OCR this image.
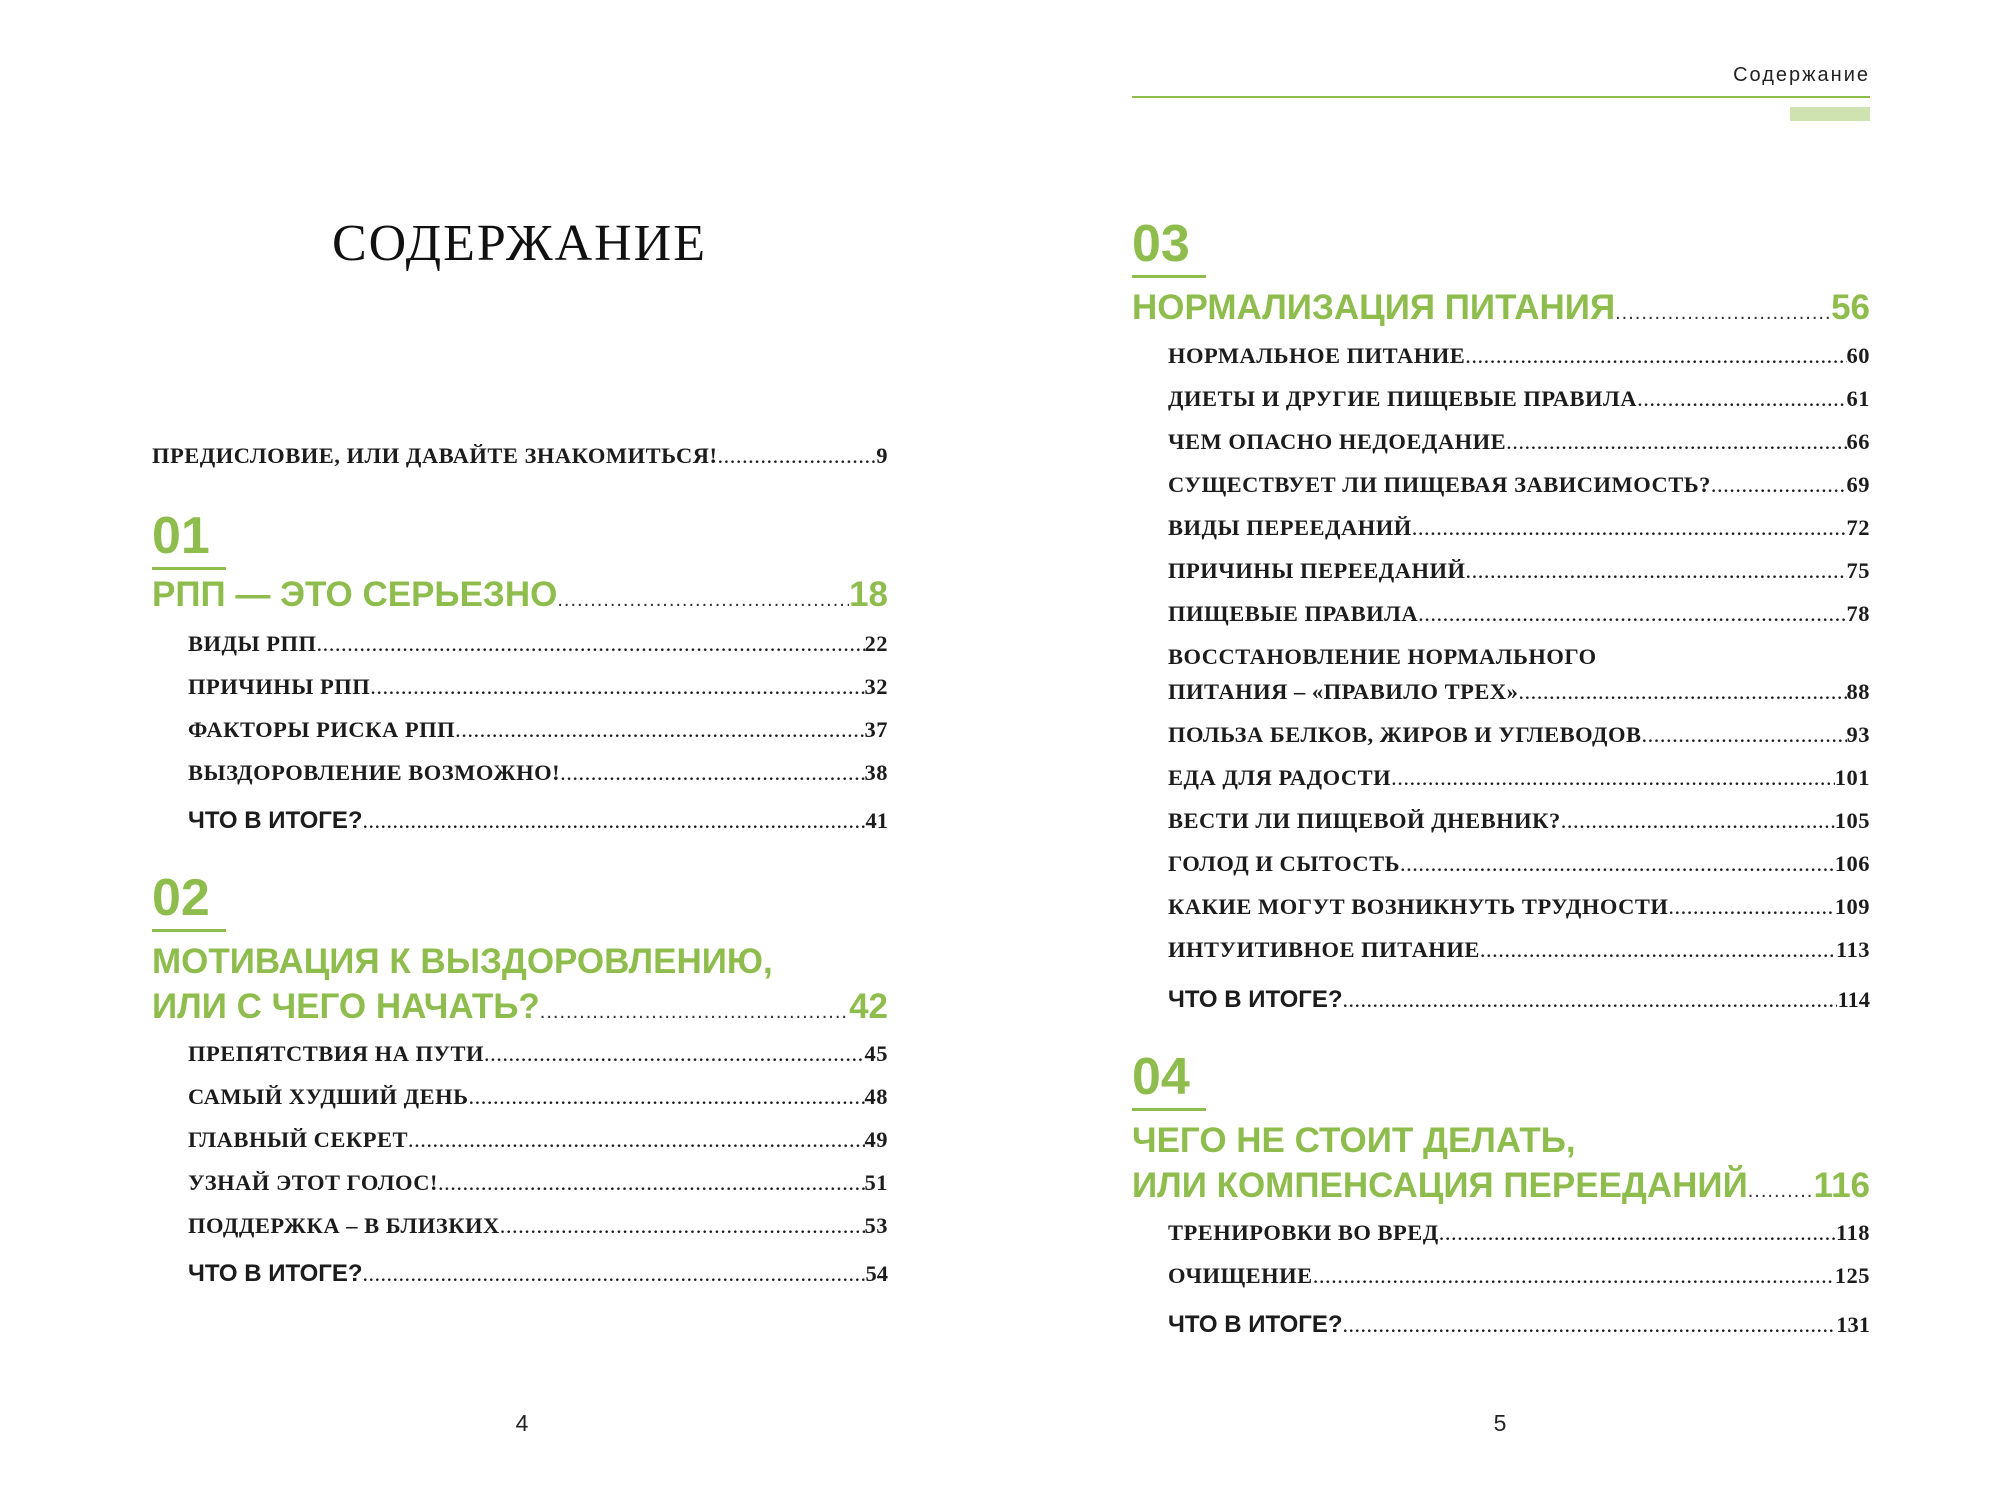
СОДЕРЖАНИЕ
ПРЕДИСЛОВИЕ, ИЛИ ДАВАЙТЕ ЗНАКОМИТЬСЯ! .....	9
01
РПП — ЭТО СЕРЬЕЗНО .....	18
ВИДЫ РПП .....	22
ПРИЧИНЫ РПП .....	32
ФАКТОРЫ РИСКА РПП .....	37
ВЫЗДОРОВЛЕНИЕ ВОЗМОЖНО! .....	38
ЧТО В ИТОГЕ? .....	41
02
МОТИВАЦИЯ К ВЫЗДОРОВЛЕНИЮ,
ИЛИ С ЧЕГО НАЧАТЬ? .....	42
ПРЕПЯТСТВИЯ НА ПУТИ .....	45
САМЫЙ ХУДШИЙ ДЕНЬ .....	48
ГЛАВНЫЙ СЕКРЕТ .....	49
УЗНАЙ ЭТОТ ГОЛОС! .....	51
ПОДДЕРЖКА – В БЛИЗКИХ .....	53
ЧТО В ИТОГЕ? .....	54
4
Содержание
03
НОРМАЛИЗАЦИЯ ПИТАНИЯ .....	56
НОРМАЛЬНОЕ ПИТАНИЕ .....	60
ДИЕТЫ И ДРУГИЕ ПИЩЕВЫЕ ПРАВИЛА .....	61
ЧЕМ ОПАСНО НЕДОЕДАНИЕ .....	66
СУЩЕСТВУЕТ ЛИ ПИЩЕВАЯ ЗАВИСИМОСТЬ? .....	69
ВИДЫ ПЕРЕЕДАНИЙ .....	72
ПРИЧИНЫ ПЕРЕЕДАНИЙ .....	75
ПИЩЕВЫЕ ПРАВИЛА .....	78
ВОССТАНОВЛЕНИЕ НОРМАЛЬНОГО
ПИТАНИЯ – «ПРАВИЛО ТРЕХ» .....	88
ПОЛЬЗА БЕЛКОВ, ЖИРОВ И УГЛЕВОДОВ .....	93
ЕДА ДЛЯ РАДОСТИ .....	101
ВЕСТИ ЛИ ПИЩЕВОЙ ДНЕВНИК? .....	105
ГОЛОД И СЫТОСТЬ .....	106
КАКИЕ МОГУТ ВОЗНИКНУТЬ ТРУДНОСТИ .....	109
ИНТУИТИВНОЕ ПИТАНИЕ .....	113
ЧТО В ИТОГЕ? .....	114
04
ЧЕГО НЕ СТОИТ ДЕЛАТЬ,
ИЛИ КОМПЕНСАЦИЯ ПЕРЕЕДАНИЙ ..... 116
ТРЕНИРОВКИ ВО ВРЕД .....	118
ОЧИЩЕНИЕ .....	125
ЧТО В ИТОГЕ? .....	131
5
